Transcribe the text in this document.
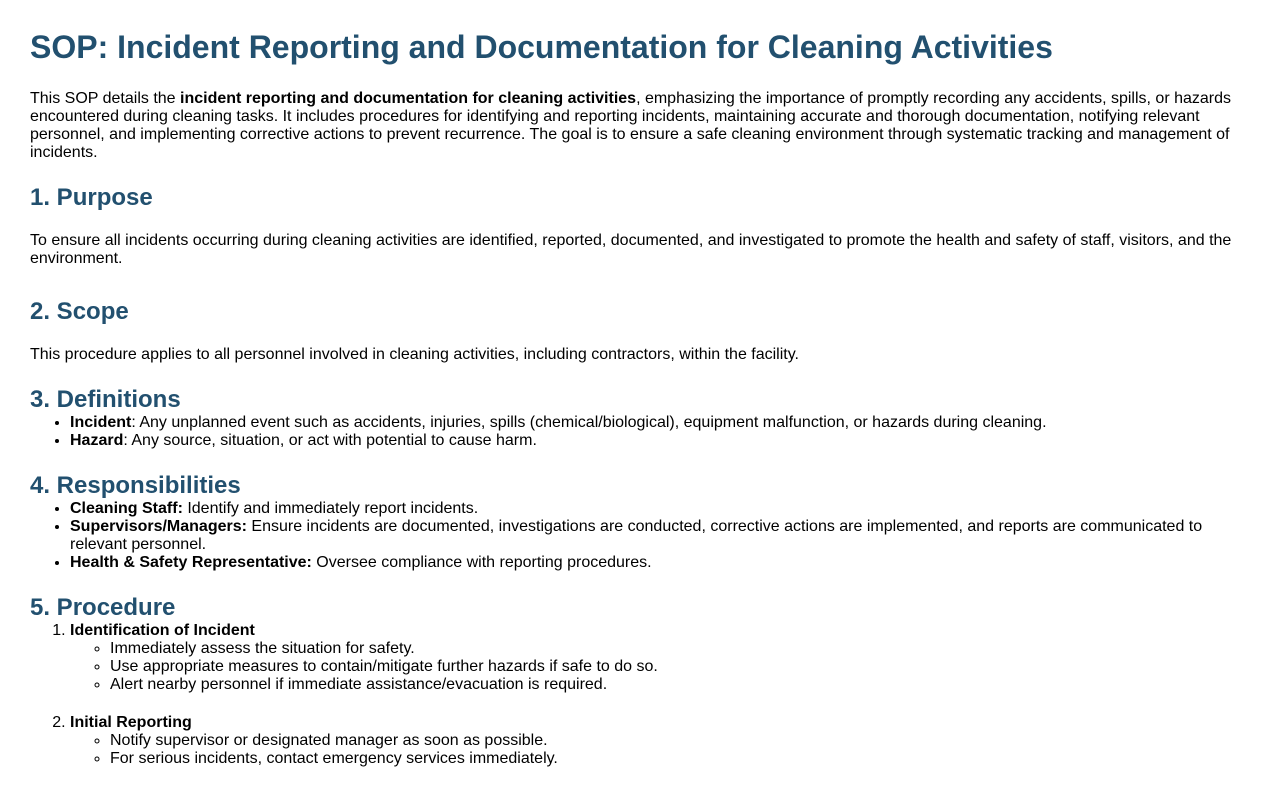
SOP: Incident Reporting and Documentation for Cleaning Activities

This SOP details the incident reporting and documentation for cleaning activities, emphasizing the importance of promptly recording any accidents, spills, or hazards encountered during cleaning tasks. It includes procedures for identifying and reporting incidents, maintaining accurate and thorough documentation, notifying relevant personnel, and implementing corrective actions to prevent recurrence. The goal is to ensure a safe cleaning environment through systematic tracking and management of incidents.

1. Purpose

To ensure all incidents occurring during cleaning activities are identified, reported, documented, and investigated to promote the health and safety of staff, visitors, and the environment.

2. Scope

This procedure applies to all personnel involved in cleaning activities, including contractors, within the facility.

3. Definitions
• Incident: Any unplanned event such as accidents, injuries, spills (chemical/biological), equipment malfunction, or hazards during cleaning.
• Hazard: Any source, situation, or act with potential to cause harm.
4. Responsibilities
• Cleaning Staff: Identify and immediately report incidents.
• Supervisors/Managers: Ensure incidents are documented, investigations are conducted, corrective actions are implemented, and reports are communicated to relevant personnel.
• Health & Safety Representative: Oversee compliance with reporting procedures.
5. Procedure
1. Identification of Incident
◦ Immediately assess the situation for safety.
◦ Use appropriate measures to contain/mitigate further hazards if safe to do so.
◦ Alert nearby personnel if immediate assistance/evacuation is required.
2. Initial Reporting
◦ Notify supervisor or designated manager as soon as possible.
◦ For serious incidents, contact emergency services immediately.
